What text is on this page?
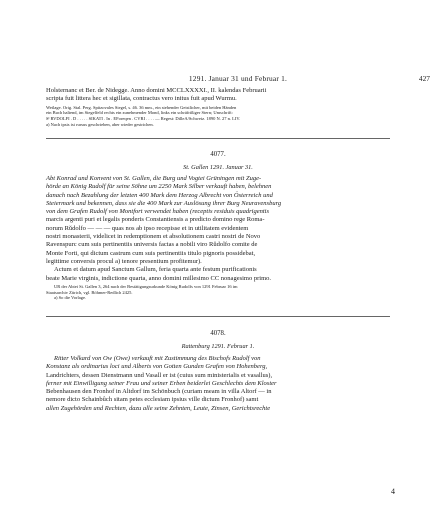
1291. Januar 31 und Februar 1.	427
Holsternanc et Ber. de Nidegge. Anno domini MCCLXXXXI., II. kalendas Februarii
scripta fuit littera hec et sigillata, contractus vero initus fuit apud Wurmu.
Weilage. Orig. Stal. Perg. Spitzovales Siegel, s. 46. 36 mm., ein stehender Geistlicher, mit beiden Händen
ein Buch haltend, im Siegelfeld rechts ein zunehmender Mond, links ein schräfrißiger Stern; Umschrift:
Sᴵ RVDOLFI . D . . . . . SIKATI . In . EForeqen . CVRI . . . . — Regest: DilleA/Schweiz. 1890 N. 27 n. LIV.
a) Nach ipsis ist rursus geschrieben, aber wieder gestrichen.
4077.
St. Gallen 1291. Januar 31.
Abt Konrad und Konvent von St. Gallen, die Burg und Vogtei Grüningen mit Zuge-
hörde an König Rudolf für seine Söhne um 2250 Mark Silber verkauft haben, belehnen
danach nach Bezahlung der letzten 400 Mark dem Herzog Albrecht von Österreich und
Steiermark und bekennen, dass sie die 400 Mark zur Auslösung ihrer Burg Neuravensburg
von dem Grafen Rudolf von Montfort verwendet haben (receptis residuis quadrigentis
marcis argenti puri et legalis ponderis Constantiensis a predicto domino rege Roma-
norum Rŭdolfo — — — quas nos ab ipso recepisse et in utilitatem evidentem
nostri monasterii, videlicet in redemptionem et absolutionem castri nostri de Novo
Ravenspurc cum suis pertinentiis universis factas a nobili viro Rŭdolfo comite de
Monte Forti, qui dictum castrum cum suis pertinentiis titulo pignoris possidebat,
legittime conversis procul a) tenore presentium profitemur).
Actum et datum apud Sanctum Gallum, feria quarta ante festum purificationis
beate Marie virginis, indictione quarta, anno domini millesimo CC nonagesimo primo.
UR der Abtei St. Gallen 3, 264 nach der Bestätigungsurkunde König Rudolfs von 1291 Februar 16 im
Staatsarchiv Zürich, vgl. Böhmer-Redlich 2425.
a) So die Vorlage.
4078.
Rattenburg 1291. Februar 1.
Ritter Volkard von Ow (Owe) verkauft mit Zustimmung des Bischofs Rudolf von
Konstanz als ordinarius loci und Alberts von Gotten Gunden Grafen von Hohenberg,
Landrichters, dessen Dienstmann und Vasall er ist (cuius sum ministerialis et vasallus),
ferner mit Einwilligung seiner Frau und seiner Erben beiderlei Geschlechts dem Kloster
Bebenhausen den Fronhof in Altdorf im Schönbuch (curiam meam in villa Altorf — in
nemore dicto Schainbûch sitam petes ecclesiam ipsius ville dictum Fronhof) samt
allen Zugehörden und Rechten, dazu alle seine Zehnten, Leute, Zinsen, Gerichtsrechte
4
